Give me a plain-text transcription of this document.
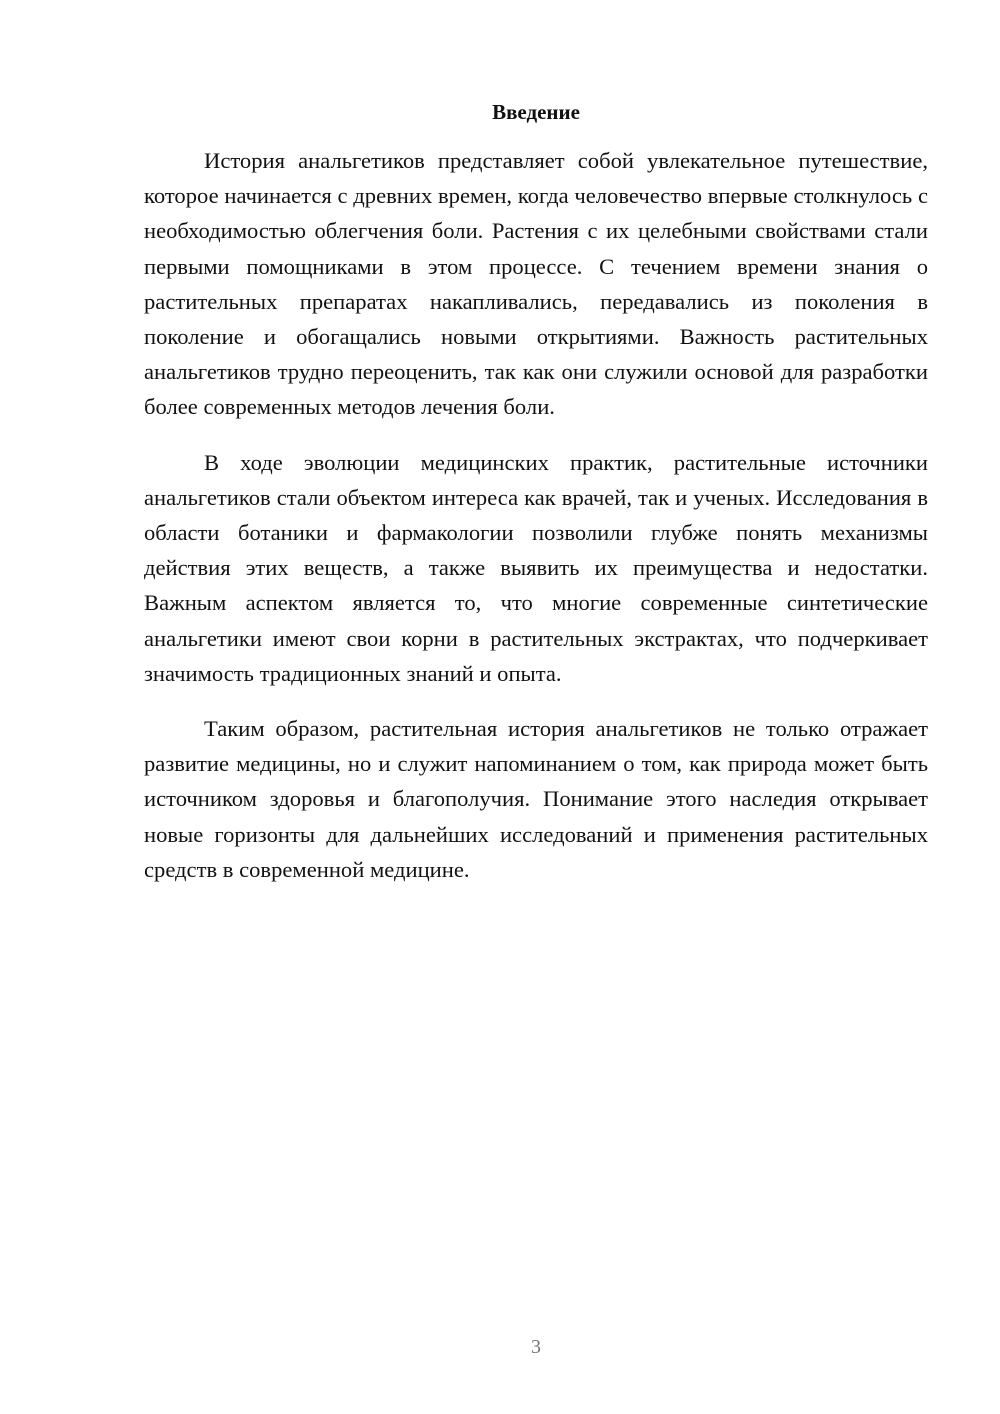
Введение

История анальгетиков представляет собой увлекательное путешествие, которое начинается с древних времен, когда человечество впервые столкнулось с необходимостью облегчения боли. Растения с их целебными свойствами стали первыми помощниками в этом процессе. С течением времени знания о растительных препаратах накапливались, передавались из поколения в поколение и обогащались новыми открытиями. Важность растительных анальгетиков трудно переоценить, так как они служили основой для разработки более современных методов лечения боли.

В ходе эволюции медицинских практик, растительные источники анальгетиков стали объектом интереса как врачей, так и ученых. Исследования в области ботаники и фармакологии позволили глубже понять механизмы действия этих веществ, а также выявить их преимущества и недостатки. Важным аспектом является то, что многие современные синтетические анальгетики имеют свои корни в растительных экстрактах, что подчеркивает значимость традиционных знаний и опыта.

Таким образом, растительная история анальгетиков не только отражает развитие медицины, но и служит напоминанием о том, как природа может быть источником здоровья и благополучия. Понимание этого наследия открывает новые горизонты для дальнейших исследований и применения растительных средств в современной медицине.

3
